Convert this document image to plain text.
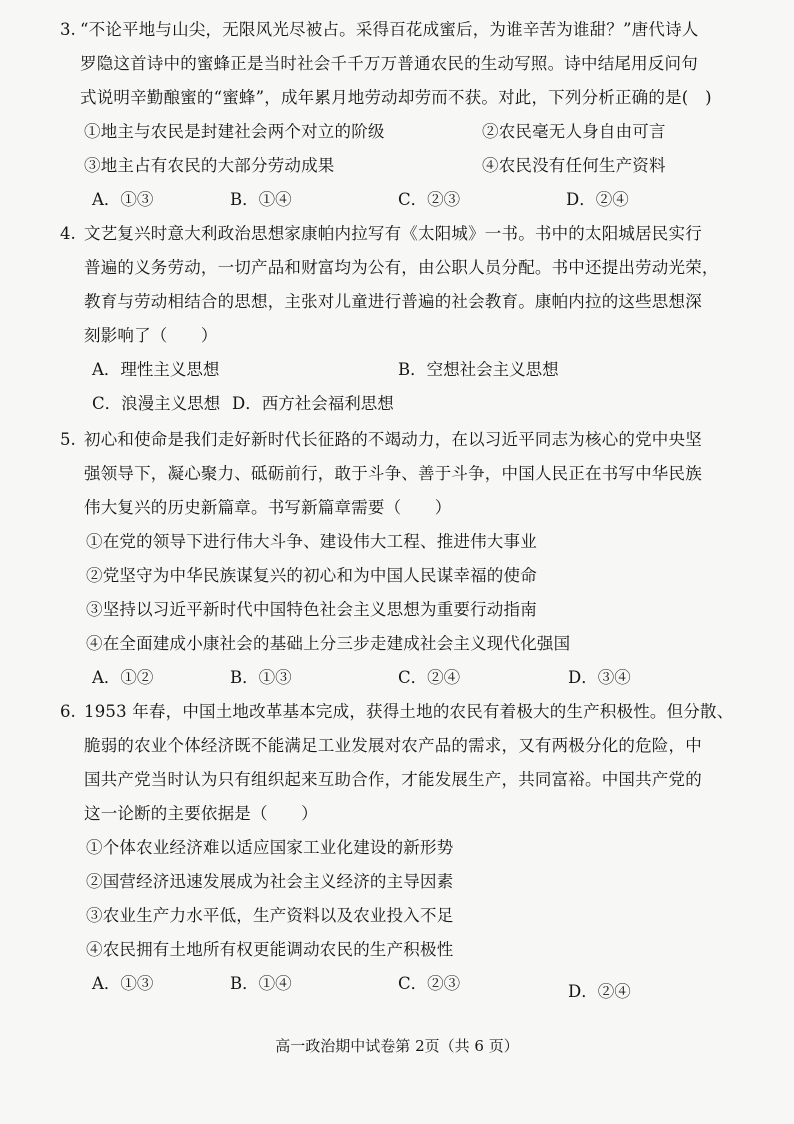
3. “不论平地与山尖，无限风光尽被占。采得百花成蜜后，为谁辛苦为谁甜？”唐代诗人
罗隐这首诗中的蜜蜂正是当时社会千千万万普通农民的生动写照。诗中结尾用反问句
式说明辛勤酿蜜的“蜜蜂”，成年累月地劳动却劳而不获。对此，下列分析正确的是(　)
①地主与农民是封建社会两个对立的阶级	②农民毫无人身自由可言
③地主占有农民的大部分劳动成果	④农民没有任何生产资料
A．①③	B．①④	C．②③	D．②④
4. 文艺复兴时意大利政治思想家康帕内拉写有《太阳城》一书。书中的太阳城居民实行
普遍的义务劳动，一切产品和财富均为公有，由公职人员分配。书中还提出劳动光荣，
教育与劳动相结合的思想，主张对儿童进行普遍的社会教育。康帕内拉的这些思想深
刻影响了（　　）
A．理性主义思想	B．空想社会主义思想
C．浪漫主义思想 D．西方社会福利思想
5. 初心和使命是我们走好新时代长征路的不竭动力，在以习近平同志为核心的党中央坚
强领导下，凝心聚力、砥砺前行，敢于斗争、善于斗争，中国人民正在书写中华民族
伟大复兴的历史新篇章。书写新篇章需要（　　）
①在党的领导下进行伟大斗争、建设伟大工程、推进伟大事业
②党坚守为中华民族谋复兴的初心和为中国人民谋幸福的使命
③坚持以习近平新时代中国特色社会主义思想为重要行动指南
④在全面建成小康社会的基础上分三步走建成社会主义现代化强国
A．①②	B．①③	C．②④	D．③④
6. 1953 年春，中国土地改革基本完成，获得土地的农民有着极大的生产积极性。但分散、
脆弱的农业个体经济既不能满足工业发展对农产品的需求，又有两极分化的危险，中
国共产党当时认为只有组织起来互助合作，才能发展生产，共同富裕。中国共产党的
这一论断的主要依据是（　　）
①个体农业经济难以适应国家工业化建设的新形势
②国营经济迅速发展成为社会主义经济的主导因素
③农业生产力水平低，生产资料以及农业投入不足
④农民拥有土地所有权更能调动农民的生产积极性
A．①③	B．①④	C．②③	D．②④
高一政治期中试卷第 2页（共 6 页）
